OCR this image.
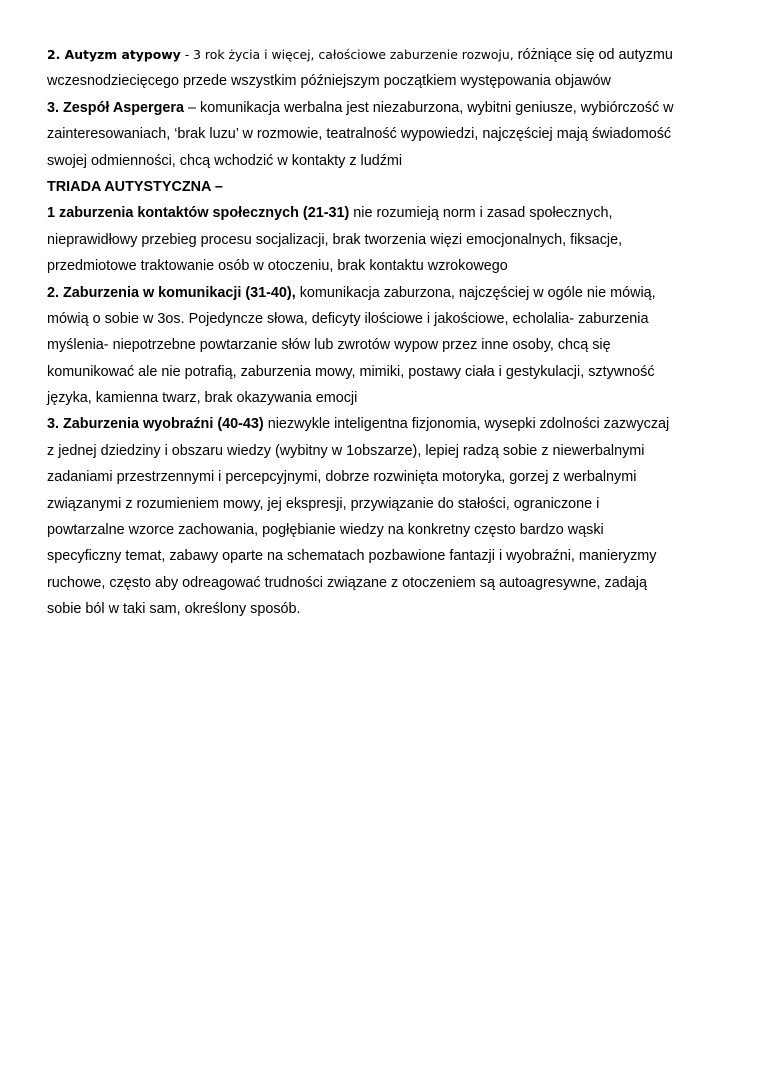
2. Autyzm atypowy - 3 rok życia i więcej, całościowe zaburzenie rozwoju, różniące się od autyzmu
wczesnodziecięcego przede wszystkim późniejszym początkiem występowania objawów
3. Zespół Aspergera – komunikacja werbalna jest niezaburzona, wybitni geniusze, wybiórczość w
zainteresowaniach, ‘brak luzu’ w rozmowie, teatralność wypowiedzi, najczęściej mają świadomość
swojej odmienności, chcą wchodzić w kontakty z ludźmi
TRIADA AUTYSTYCZNA –
1 zaburzenia kontaktów społecznych (21-31) nie rozumieją norm i zasad społecznych,
nieprawidłowy przebieg procesu socjalizacji, brak tworzenia więzi emocjonalnych, fiksacje,
przedmiotowe traktowanie osób w otoczeniu, brak kontaktu wzrokowego
2. Zaburzenia w komunikacji (31-40), komunikacja zaburzona, najczęściej w ogóle nie mówią,
mówią o sobie w 3os. Pojedyncze słowa, deficyty ilościowe i jakościowe, echolalia- zaburzenia
myślenia- niepotrzebne powtarzanie słów lub zwrotów wypow przez inne osoby, chcą się
komunikować ale nie potrafią, zaburzenia mowy, mimiki, postawy ciała i gestykulacji, sztywność
języka, kamienna twarz, brak okazywania emocji
3. Zaburzenia wyobraźni (40-43) niezwykle inteligentna fizjonomia, wysepki zdolności zazwyczaj
z jednej dziedziny i obszaru wiedzy (wybitny w 1obszarze), lepiej radzą sobie z niewerbalnymi
zadaniami przestrzennymi i percepcyjnymi, dobrze rozwinięta motoryka, gorzej z werbalnymi
związanymi z rozumieniem mowy, jej ekspresji, przywiązanie do stałości, ograniczone i
powtarzalne wzorce zachowania, pogłębianie wiedzy na konkretny często bardzo wąski
specyficzny temat, zabawy oparte na schematach pozbawione fantazji i wyobraźni, manieryzmy
ruchowe, często aby odreagować trudności związane z otoczeniem są autoagresywne, zadają
sobie ból w taki sam, określony sposób.
